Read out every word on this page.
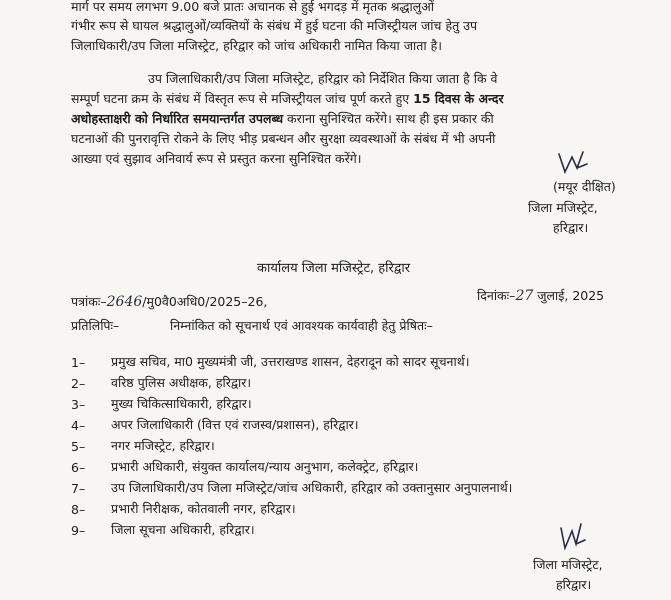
मार्ग पर समय लगभग 9.00 बजे प्रातः अचानक से हुई भगदड़ में मृतक श्रद्धालुओं
गंभीर रूप से घायल श्रद्धालुओं/व्यक्तियों के संबंध में हुई घटना की मजिस्ट्रीयल जांच हेतु उप
जिलाधिकारी/उप जिला मजिस्ट्रेट, हरिद्वार को जांच अधिकारी नामित किया जाता है।
उप जिलाधिकारी/उप जिला मजिस्ट्रेट, हरिद्वार को निर्देशित किया जाता है कि वे
सम्पूर्ण घटना क्रम के संबंध में विस्तृत रूप से मजिस्ट्रीयल जांच पूर्ण करते हुए 15 दिवस के अन्दर
अधोहस्ताक्षरी को निर्धारित समयान्तर्गत उपलब्ध कराना सुनिश्चित करेंगे। साथ ही इस प्रकार की
घटनाओं की पुनरावृत्ति रोकने के लिए भीड़ प्रबन्धन और सुरक्षा व्यवस्थाओं के संबंध में भी अपनी
आख्या एवं सुझाव अनिवार्य रूप से प्रस्तुत करना सुनिश्चित करेंगे।
(मयूर दीक्षित)
जिला मजिस्ट्रेट,
हरिद्वार।
कार्यालय जिला मजिस्ट्रेट, हरिद्वार
पत्रांकः–2646/मु0वै0अधि0/2025–26,	दिनांकः–27 जुलाई, 2025
प्रतिलिपिः–	निम्नांकित को सूचनार्थ एवं आवश्यक कार्यवाही हेतु प्रेषितः–
1– प्रमुख सचिव, मा0 मुख्यमंत्री जी, उत्तराखण्ड शासन, देहरादून को सादर सूचनार्थ।
2– वरिष्ठ पुलिस अधीक्षक, हरिद्वार।
3– मुख्य चिकित्साधिकारी, हरिद्वार।
4– अपर जिलाधिकारी (वित्त एवं राजस्व/प्रशासन), हरिद्वार।
5– नगर मजिस्ट्रेट, हरिद्वार।
6– प्रभारी अधिकारी, संयुक्त कार्यालय/न्याय अनुभाग, कलेक्ट्रेट, हरिद्वार।
7– उप जिलाधिकारी/उप जिला मजिस्ट्रेट/जांच अधिकारी, हरिद्वार को उक्तानुसार अनुपालनार्थ।
8– प्रभारी निरीक्षक, कोतवाली नगर, हरिद्वार।
9– जिला सूचना अधिकारी, हरिद्वार।
जिला मजिस्ट्रेट,
हरिद्वार।
